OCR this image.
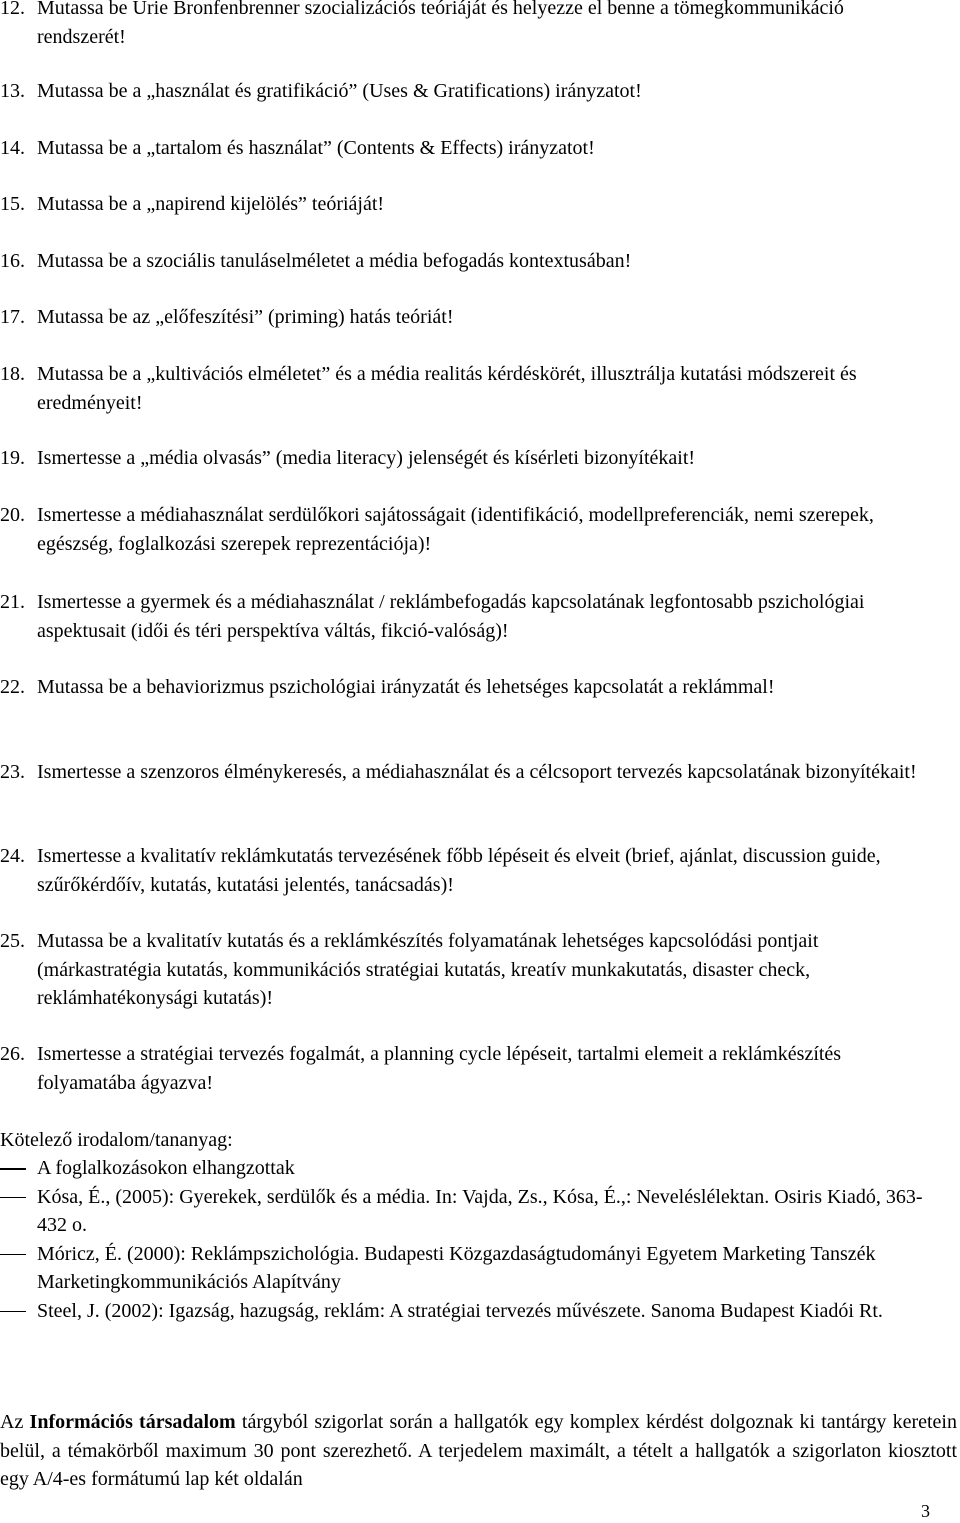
12. Mutassa be Urie Bronfenbrenner szocializációs teóriáját és helyezze el benne a tömegkommunikáció rendszerét!
13. Mutassa be a „használat és gratifikáció” (Uses & Gratifications) irányzatot!
14. Mutassa be a „tartalom és használat” (Contents & Effects) irányzatot!
15. Mutassa be a „napirend kijelölés” teóriáját!
16. Mutassa be a szociális tanuláselméletet a média befogadás kontextusában!
17. Mutassa be az „előfeszítési” (priming) hatás teóriát!
18. Mutassa be a „kultivációs elméletet” és a média realitás kérdéskörét, illusztrálja kutatási módszereit és eredményeit!
19. Ismertesse a „média olvasás” (media literacy) jelenségét és kísérleti bizonyítékait!
20. Ismertesse a médiahasználat serdülőkori sajátosságait (identifikáció, modellpreferenciák, nemi szerepek, egészség, foglalkozási szerepek reprezentációja)!
21. Ismertesse a gyermek és a médiahasználat / reklámbefogadás kapcsolatának legfontosabb pszichológiai aspektusait (idői és téri perspektíva váltás, fikció-valóság)!
22. Mutassa be a behaviorizmus pszichológiai irányzatát és lehetséges kapcsolatát a reklámmal!
23. Ismertesse a szenzoros élménykeresés, a médiahasználat és a célcsoport tervezés kapcsolatának bizonyítékait!
24. Ismertesse a kvalitatív reklámkutatás tervezésének főbb lépéseit és elveit (brief, ajánlat, discussion guide, szűrőkérdőív, kutatás, kutatási jelentés, tanácsadás)!
25. Mutassa be a kvalitatív kutatás és a reklámkészítés folyamatának lehetséges kapcsolódási pontjait (márkastratégia kutatás, kommunikációs stratégiai kutatás, kreatív munkakutatás, disaster check, reklámhatékonysági kutatás)!
26. Ismertesse a stratégiai tervezés fogalmát, a planning cycle lépéseit, tartalmi elemeit a reklámkészítés folyamatába ágyazva!
Kötelező irodalom/tananyag:
A foglalkozásokon elhangzottak
Kósa, É., (2005): Gyerekek, serdülők és a média. In: Vajda, Zs., Kósa, É.,: Neveléslélektan. Osiris Kiadó, 363-432 o.
Móricz, É. (2000): Reklámpszichológia. Budapesti Közgazdaságtudományi Egyetem Marketing Tanszék Marketingkommunikációs Alapítvány
Steel, J. (2002): Igazság, hazugság, reklám: A stratégiai tervezés művészete. Sanoma Budapest Kiadói Rt.
Az Információs társadalom tárgyból szigorlat során a hallgatók egy komplex kérdést dolgoznak ki tantárgy keretein belül, a témakörből maximum 30 pont szerezhető. A terjedelem maximált, a tételt a hallgatók a szigorlaton kiosztott egy A/4-es formátumú lap két oldalán
3
